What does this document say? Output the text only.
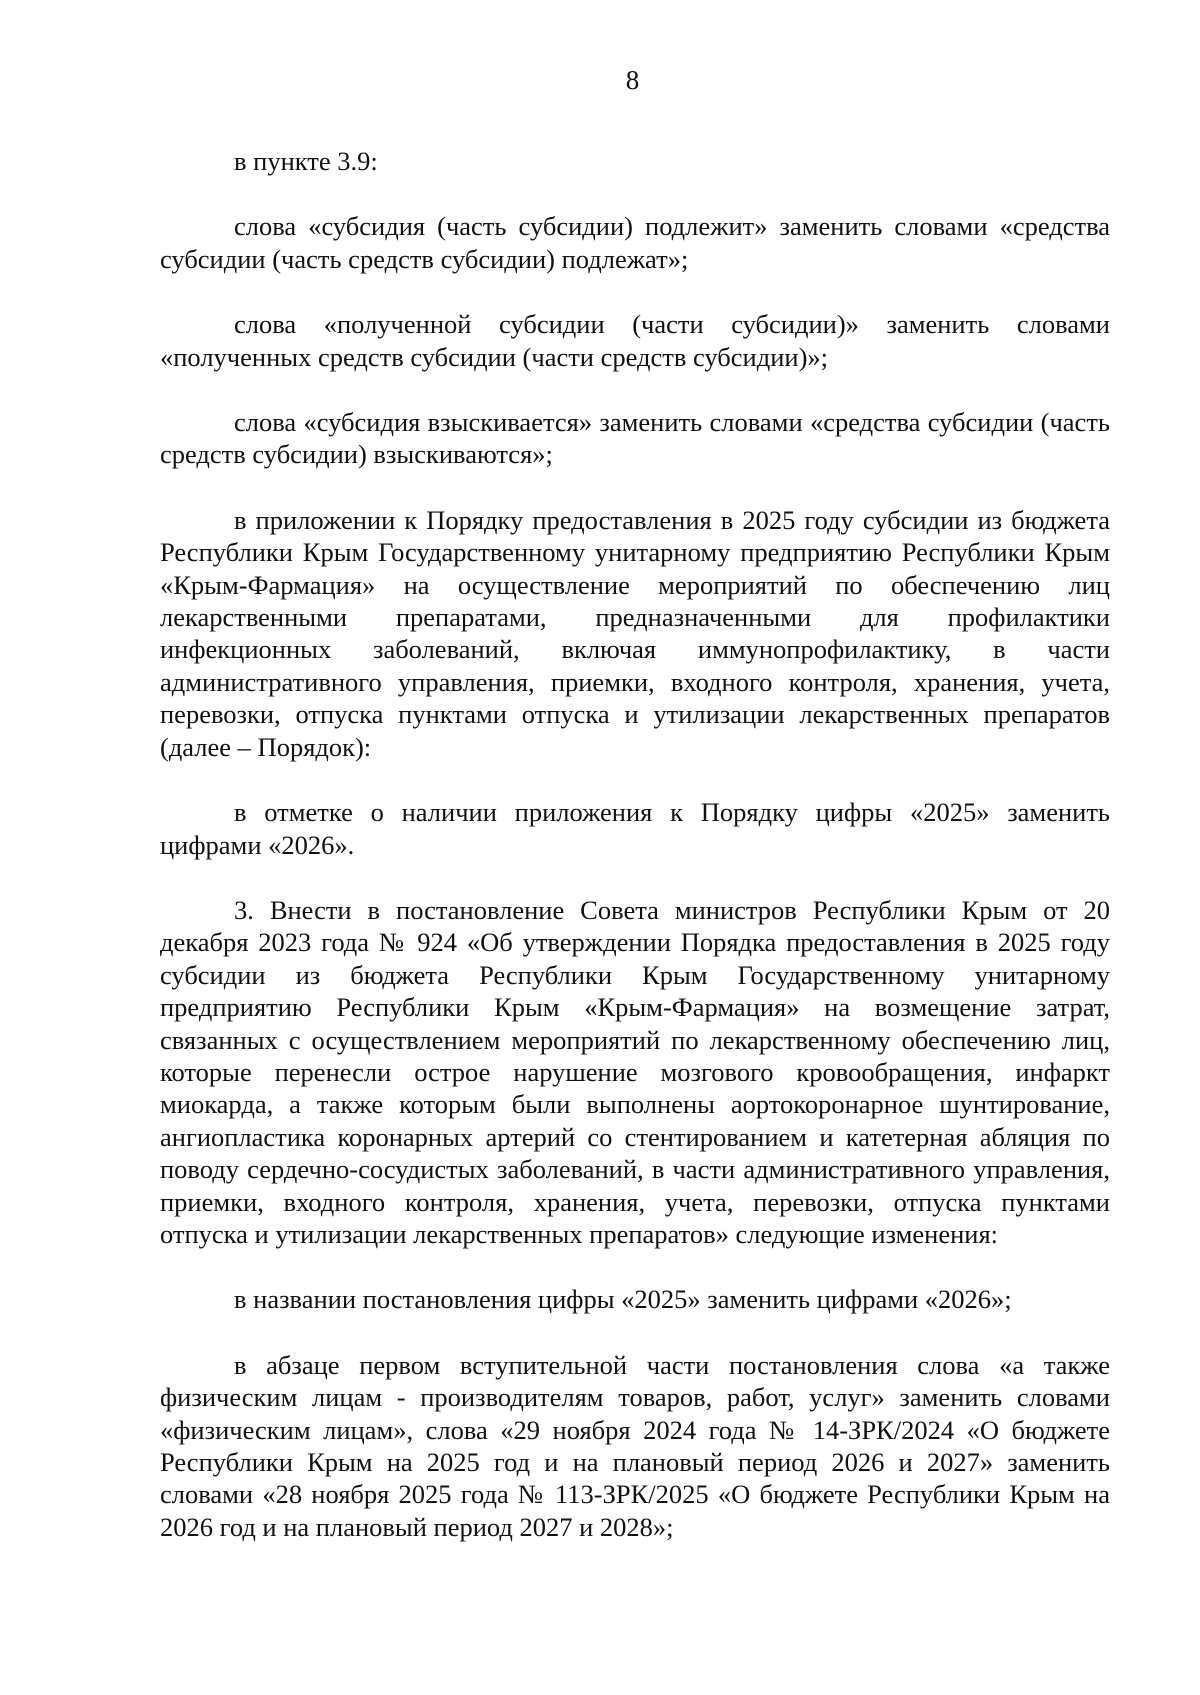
8

в пункте 3.9:

слова «субсидия (часть субсидии) подлежит» заменить словами «средства субсидии (часть средств субсидии) подлежат»;

слова «полученной субсидии (части субсидии)» заменить словами «полученных средств субсидии (части средств субсидии)»;

слова «субсидия взыскивается» заменить словами «средства субсидии (часть средств субсидии) взыскиваются»;

в приложении к Порядку предоставления в 2025 году субсидии из бюджета Республики Крым Государственному унитарному предприятию Республики Крым «Крым-Фармация» на осуществление мероприятий по обеспечению лиц лекарственными препаратами, предназначенными для профилактики инфекционных заболеваний, включая иммунопрофилактику, в части административного управления, приемки, входного контроля, хранения, учета, перевозки, отпуска пунктами отпуска и утилизации лекарственных препаратов (далее – Порядок):

в отметке о наличии приложения к Порядку цифры «2025» заменить цифрами «2026».

3. Внести в постановление Совета министров Республики Крым от 20 декабря 2023 года № 924 «Об утверждении Порядка предоставления в 2025 году субсидии из бюджета Республики Крым Государственному унитарному предприятию Республики Крым «Крым-Фармация» на возмещение затрат, связанных с осуществлением мероприятий по лекарственному обеспечению лиц, которые перенесли острое нарушение мозгового кровообращения, инфаркт миокарда, а также которым были выполнены аортокоронарное шунтирование, ангиопластика коронарных артерий со стентированием и катетерная абляция по поводу сердечно-сосудистых заболеваний, в части административного управления, приемки, входного контроля, хранения, учета, перевозки, отпуска пунктами отпуска и утилизации лекарственных препаратов» следующие изменения:

в названии постановления цифры «2025» заменить цифрами «2026»;

в абзаце первом вступительной части постановления слова «а также физическим лицам - производителям товаров, работ, услуг» заменить словами «физическим лицам», слова «29 ноября 2024 года № 14-ЗРК/2024 «О бюджете Республики Крым на 2025 год и на плановый период 2026 и 2027» заменить словами «28 ноября 2025 года № 113-ЗРК/2025 «О бюджете Республики Крым на 2026 год и на плановый период 2027 и 2028»;
